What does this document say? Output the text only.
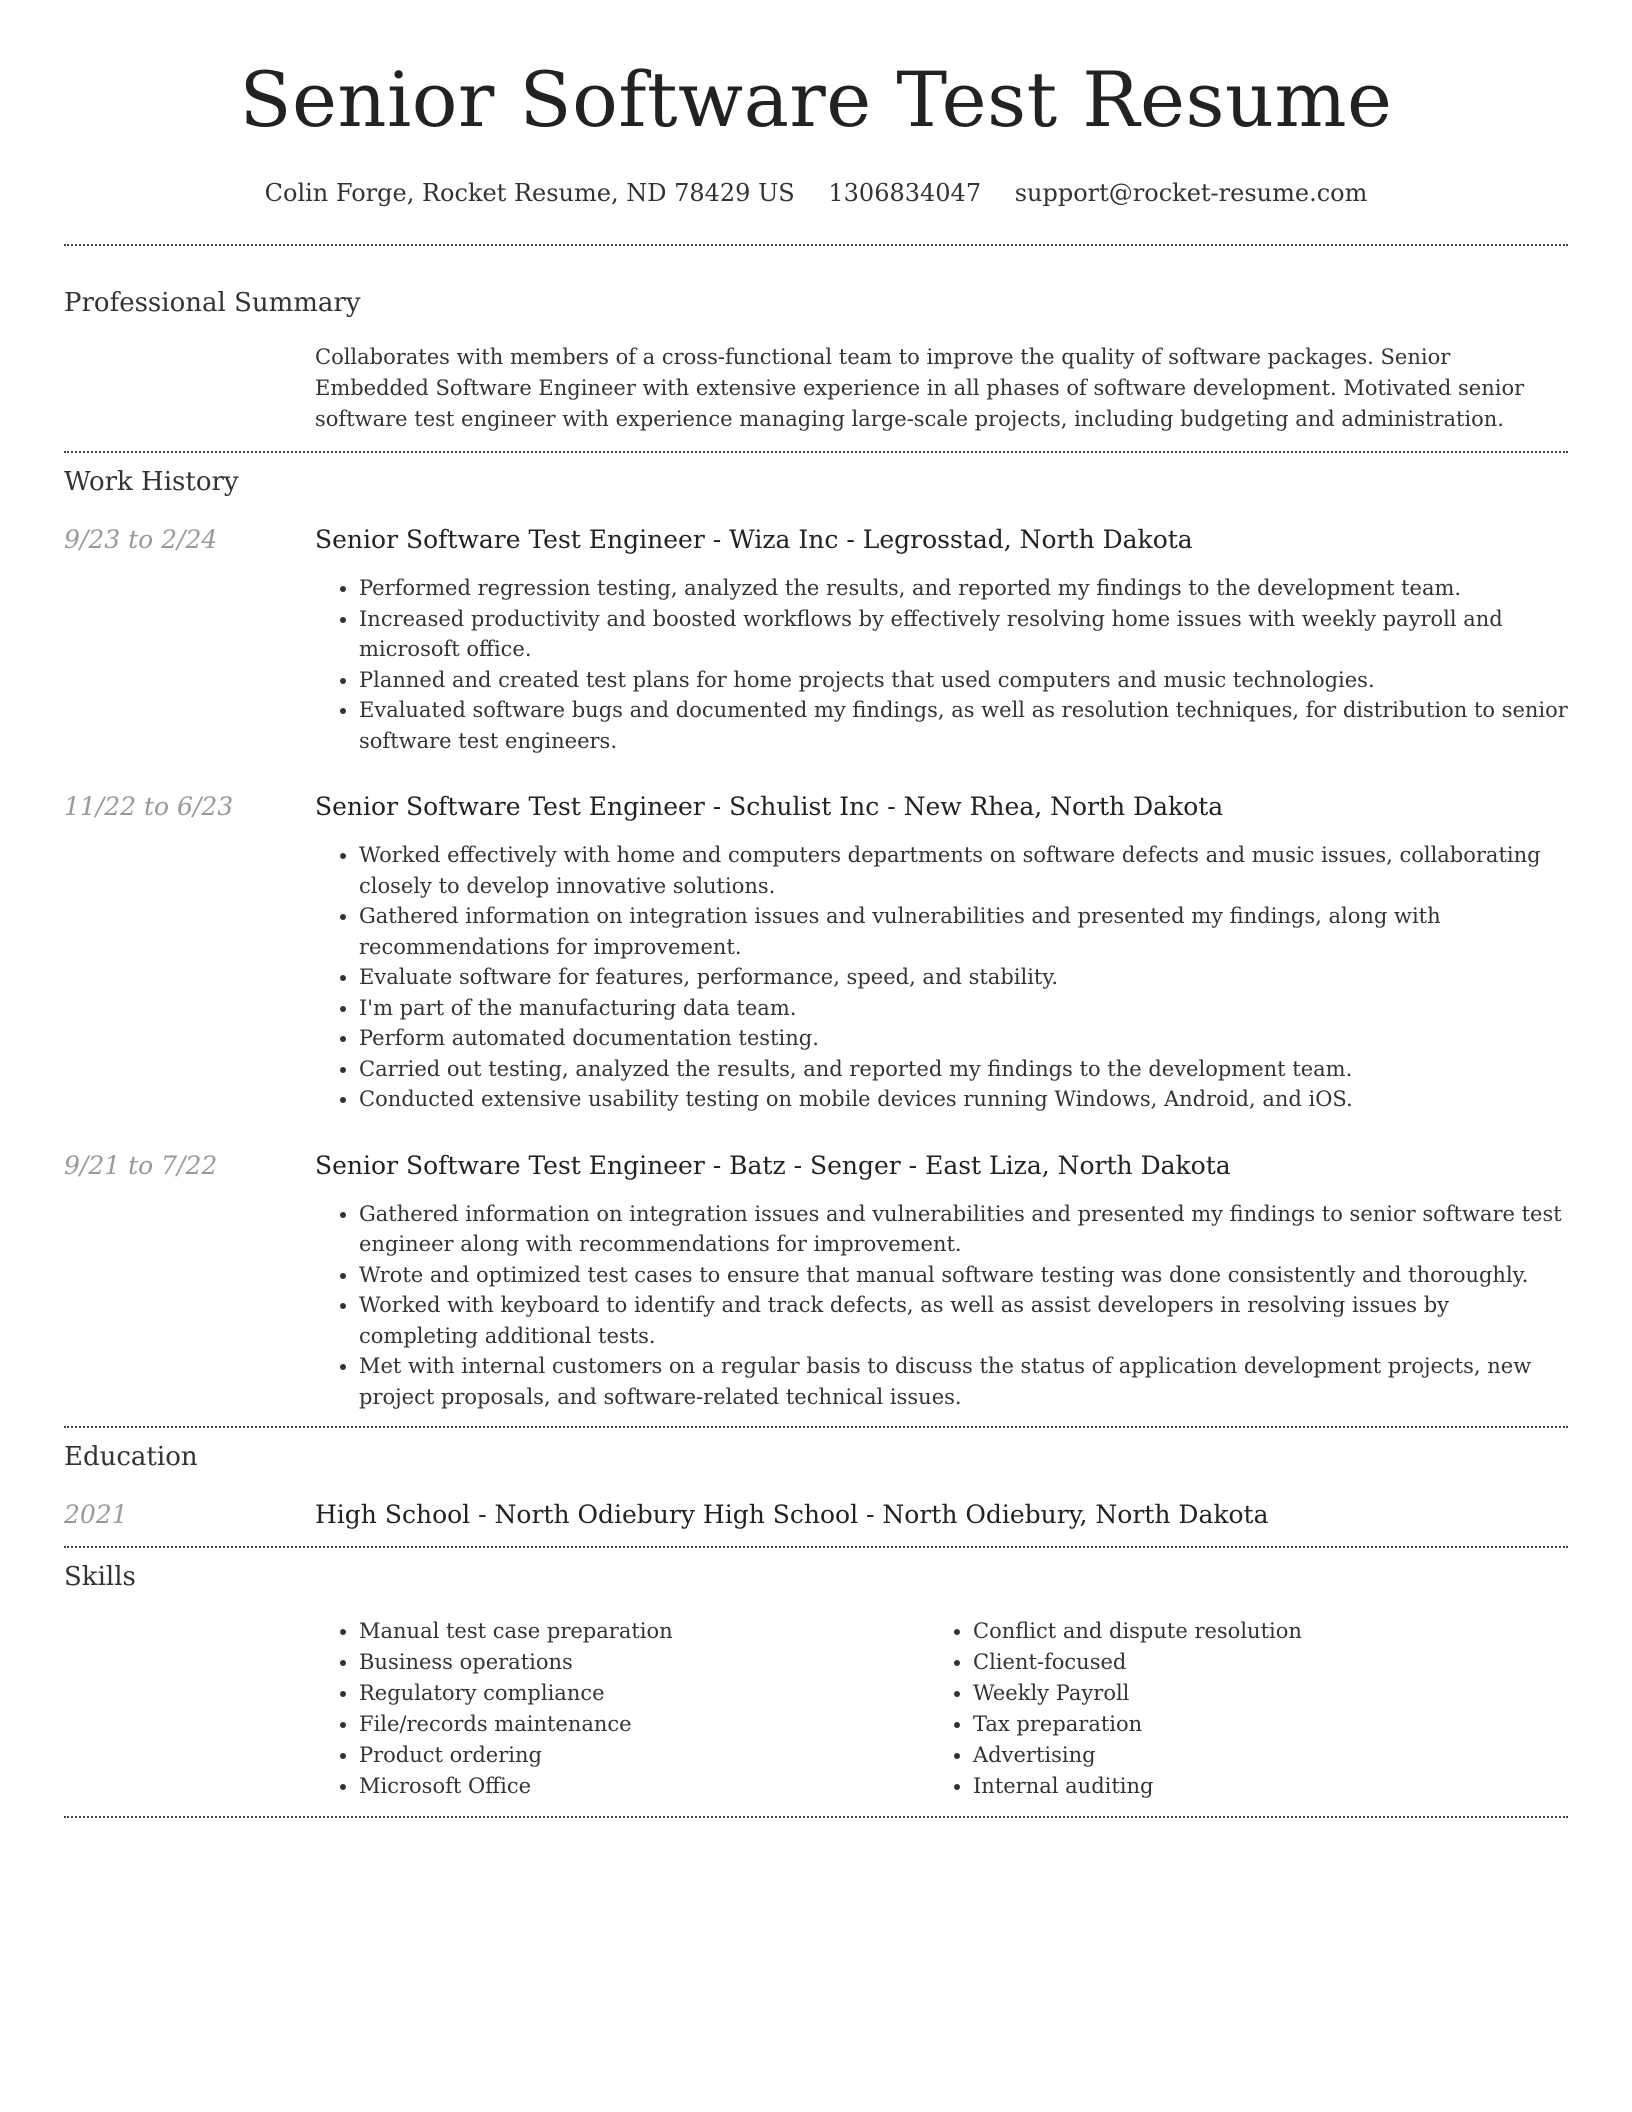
Senior Software Test Resume
Colin Forge, Rocket Resume, ND 78429 US 1306834047 support@rocket-resume.com
Professional Summary
Collaborates with members of a cross-functional team to improve the quality of software packages. Senior Embedded Software Engineer with extensive experience in all phases of software development. Motivated senior software test engineer with experience managing large-scale projects, including budgeting and administration.
Work History
9/23 to 2/24	Senior Software Test Engineer - Wiza Inc - Legrosstad, North Dakota
• Performed regression testing, analyzed the results, and reported my findings to the development team.
• Increased productivity and boosted workflows by effectively resolving home issues with weekly payroll and microsoft office.
• Planned and created test plans for home projects that used computers and music technologies.
• Evaluated software bugs and documented my findings, as well as resolution techniques, for distribution to senior software test engineers.
11/22 to 6/23	Senior Software Test Engineer - Schulist Inc - New Rhea, North Dakota
• Worked effectively with home and computers departments on software defects and music issues, collaborating closely to develop innovative solutions.
• Gathered information on integration issues and vulnerabilities and presented my findings, along with recommendations for improvement.
• Evaluate software for features, performance, speed, and stability.
• I'm part of the manufacturing data team.
• Perform automated documentation testing.
• Carried out testing, analyzed the results, and reported my findings to the development team.
• Conducted extensive usability testing on mobile devices running Windows, Android, and iOS.
9/21 to 7/22	Senior Software Test Engineer - Batz - Senger - East Liza, North Dakota
• Gathered information on integration issues and vulnerabilities and presented my findings to senior software test engineer along with recommendations for improvement.
• Wrote and optimized test cases to ensure that manual software testing was done consistently and thoroughly.
• Worked with keyboard to identify and track defects, as well as assist developers in resolving issues by completing additional tests.
• Met with internal customers on a regular basis to discuss the status of application development projects, new project proposals, and software-related technical issues.
Education
2021	High School - North Odiebury High School - North Odiebury, North Dakota
Skills
• Manual test case preparation
• Business operations
• Regulatory compliance
• File/records maintenance
• Product ordering
• Microsoft Office
• Conflict and dispute resolution
• Client-focused
• Weekly Payroll
• Tax preparation
• Advertising
• Internal auditing
